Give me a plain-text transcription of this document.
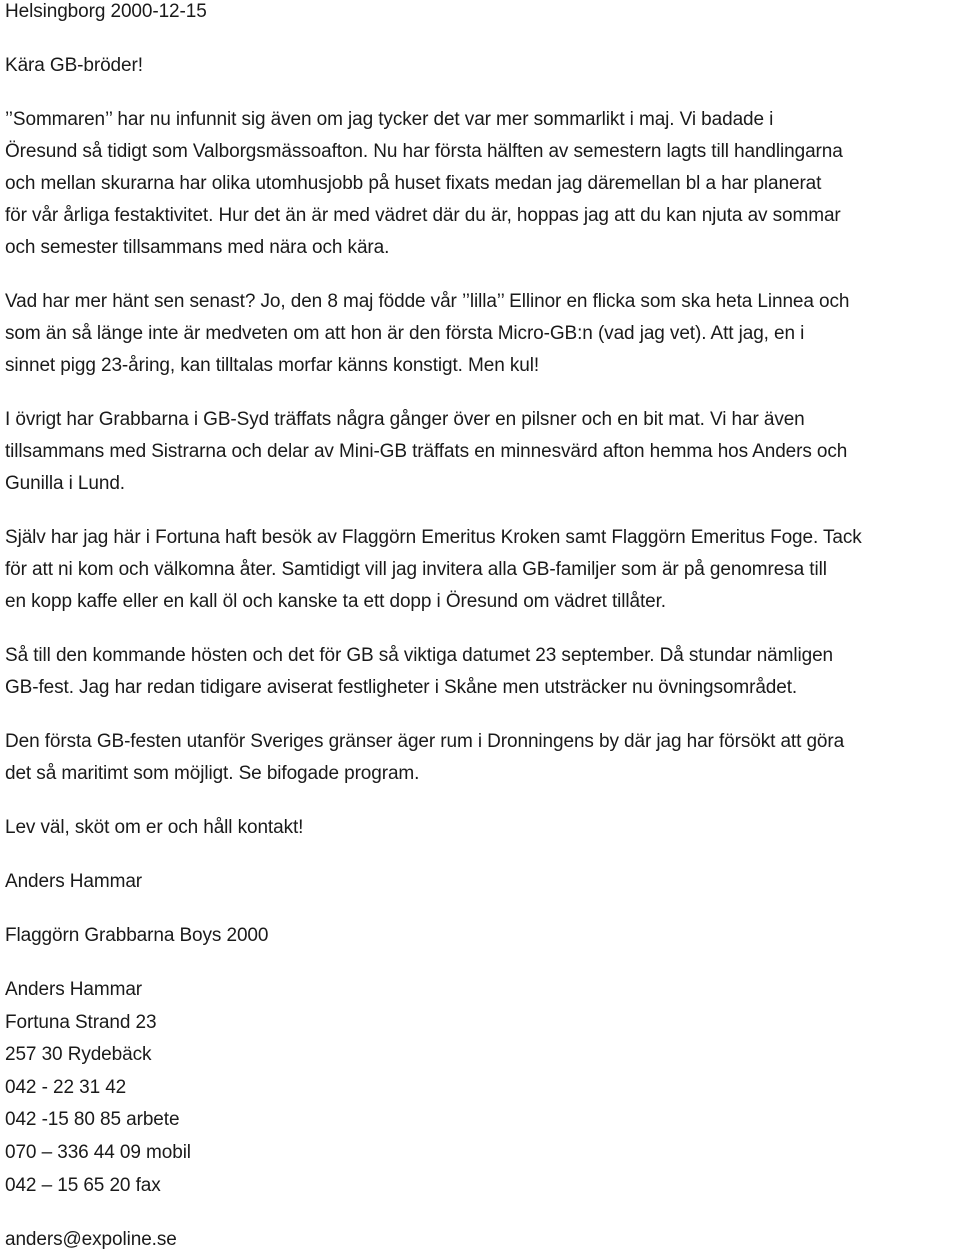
Helsingborg 2000-12-15

Kära GB-bröder!

’’Sommaren’’ har nu infunnit sig även om jag tycker det var mer sommarlikt i maj. Vi badade i
Öresund så tidigt som Valborgsmässoafton. Nu har första hälften av semestern lagts till handlingarna
och mellan skurarna har olika utomhusjobb på huset fixats medan jag däremellan bl a har planerat
för vår årliga festaktivitet. Hur det än är med vädret där du är, hoppas jag att du kan njuta av sommar
och semester tillsammans med nära och kära.
Vad har mer hänt sen senast? Jo, den 8 maj födde vår ’’lilla’’ Ellinor en flicka som ska heta Linnea och
som än så länge inte är medveten om att hon är den första Micro-GB:n (vad jag vet). Att jag, en i
sinnet pigg 23-åring, kan tilltalas morfar känns konstigt. Men kul!
I övrigt har Grabbarna i GB-Syd träffats några gånger över en pilsner och en bit mat. Vi har även
tillsammans med Sistrarna och delar av Mini-GB träffats en minnesvärd afton hemma hos Anders och
Gunilla i Lund.
Själv har jag här i Fortuna haft besök av Flaggörn Emeritus Kroken samt Flaggörn Emeritus Foge. Tack
för att ni kom och välkomna åter. Samtidigt vill jag invitera alla GB-familjer som är på genomresa till
en kopp kaffe eller en kall öl och kanske ta ett dopp i Öresund om vädret tillåter.
Så till den kommande hösten och det för GB så viktiga datumet 23 september. Då stundar nämligen
GB-fest. Jag har redan tidigare aviserat festligheter i Skåne men utsträcker nu övningsområdet.
Den första GB-festen utanför Sveriges gränser äger rum i Dronningens by där jag har försökt att göra
det så maritimt som möjligt. Se bifogade program.

Lev väl, sköt om er och håll kontakt!

Anders Hammar

Flaggörn Grabbarna Boys 2000

Anders Hammar
Fortuna Strand 23
257 30 Rydebäck
042 - 22 31 42
042 -15 80 85 arbete
070 – 336 44 09 mobil
042 – 15 65 20 fax

anders@expoline.se
